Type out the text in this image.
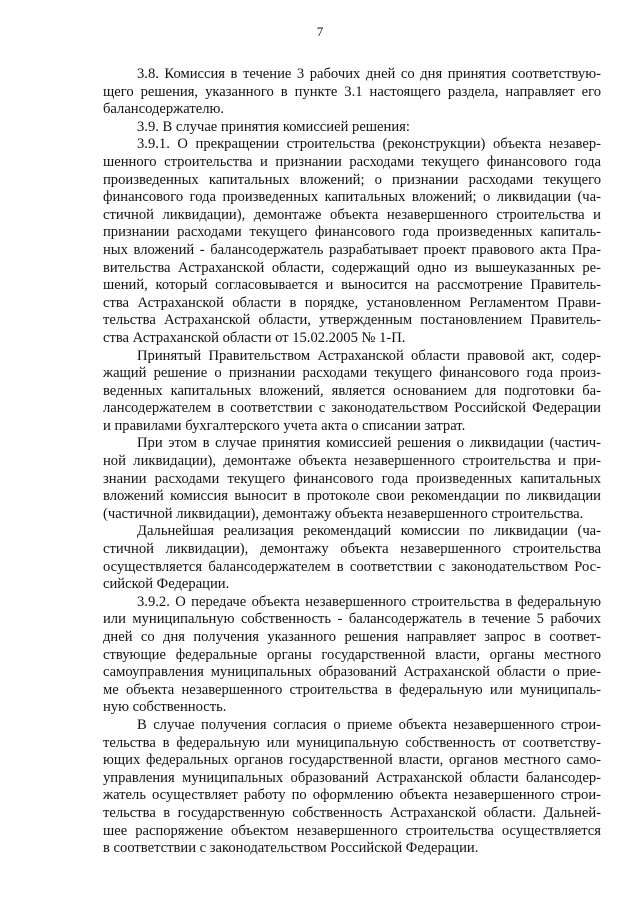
7
3.8. Комиссия в течение 3 рабочих дней со дня принятия соответствую-
щего решения, указанного в пункте 3.1 настоящего раздела, направляет его
балансодержателю.
3.9. В случае принятия комиссией решения:
3.9.1. О прекращении строительства (реконструкции) объекта незавер-
шенного строительства и признании расходами текущего финансового года
произведенных капитальных вложений; о признании расходами текущего
финансового года произведенных капитальных вложений; о ликвидации (ча-
стичной ликвидации), демонтаже объекта незавершенного строительства и
признании расходами текущего финансового года произведенных капиталь-
ных вложений - балансодержатель разрабатывает проект правового акта Пра-
вительства Астраханской области, содержащий одно из вышеуказанных ре-
шений, который согласовывается и выносится на рассмотрение Правитель-
ства Астраханской области в порядке, установленном Регламентом Прави-
тельства Астраханской области, утвержденным постановлением Правитель-
ства Астраханской области от 15.02.2005 № 1-П.
Принятый Правительством Астраханской области правовой акт, содер-
жащий решение о признании расходами текущего финансового года произ-
веденных капитальных вложений, является основанием для подготовки ба-
лансодержателем в соответствии с законодательством Российской Федерации
и правилами бухгалтерского учета акта о списании затрат.
При этом в случае принятия комиссией решения о ликвидации (частич-
ной ликвидации), демонтаже объекта незавершенного строительства и при-
знании расходами текущего финансового года произведенных капитальных
вложений комиссия выносит в протоколе свои рекомендации по ликвидации
(частичной ликвидации), демонтажу объекта незавершенного строительства.
Дальнейшая реализация рекомендаций комиссии по ликвидации (ча-
стичной ликвидации), демонтажу объекта незавершенного строительства
осуществляется балансодержателем в соответствии с законодательством Рос-
сийской Федерации.
3.9.2. О передаче объекта незавершенного строительства в федеральную
или муниципальную собственность - балансодержатель в течение 5 рабочих
дней со дня получения указанного решения направляет запрос в соответ-
ствующие федеральные органы государственной власти, органы местного
самоуправления муниципальных образований Астраханской области о прие-
ме объекта незавершенного строительства в федеральную или муниципаль-
ную собственность.
В случае получения согласия о приеме объекта незавершенного строи-
тельства в федеральную или муниципальную собственность от соответству-
ющих федеральных органов государственной власти, органов местного само-
управления муниципальных образований Астраханской области балансодер-
жатель осуществляет работу по оформлению объекта незавершенного строи-
тельства в государственную собственность Астраханской области. Дальней-
шее распоряжение объектом незавершенного строительства осуществляется
в соответствии с законодательством Российской Федерации.
